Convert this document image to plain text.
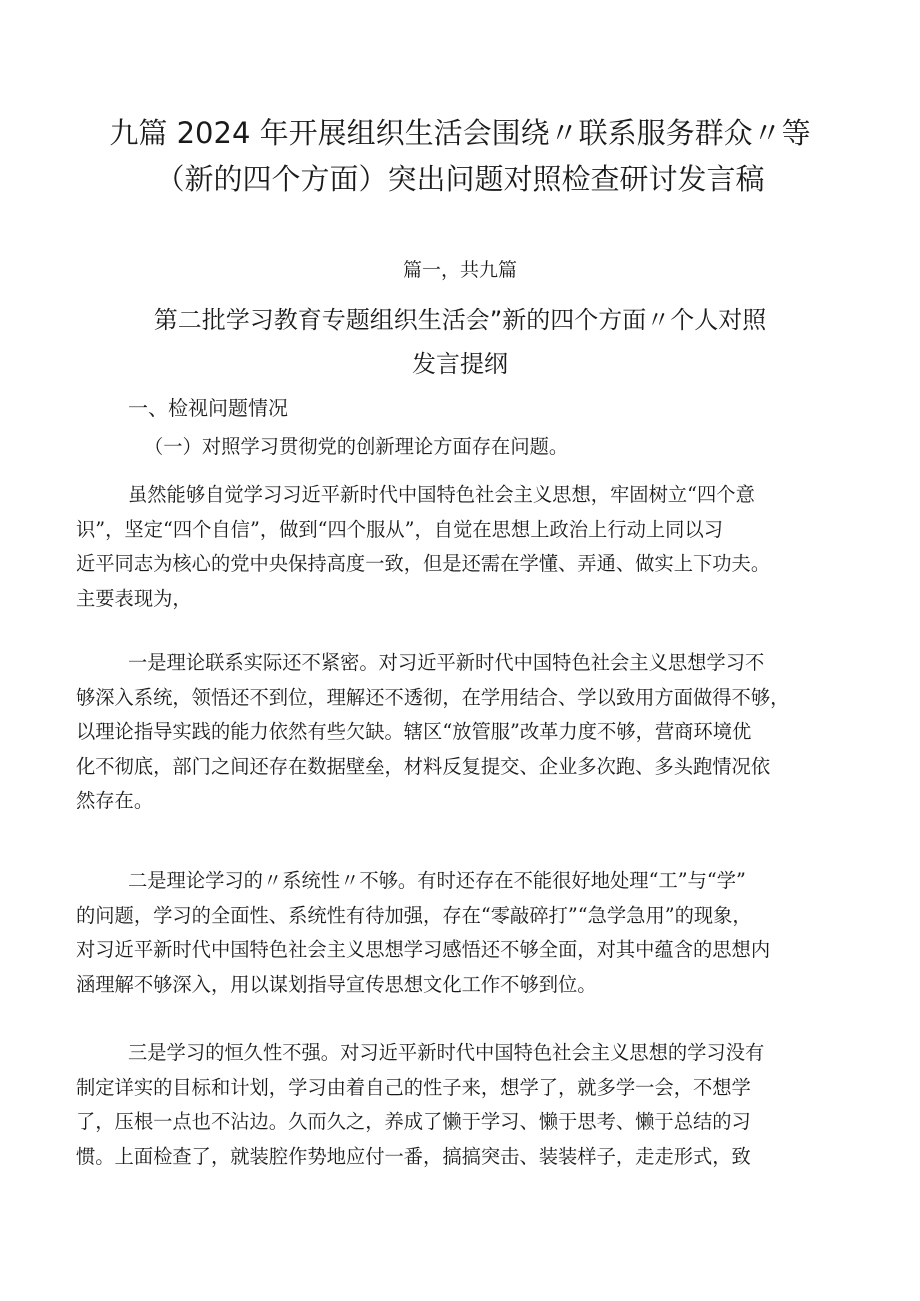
九篇 2024 年开展组织生活会围绕〃联系服务群众〃等
（新的四个方面）突出问题对照检查研讨发言稿

篇一，共九篇

第二批学习教育专题组织生活会”新的四个方面〃个人对照
发言提纲
一、检视问题情况

（一）对照学习贯彻党的创新理论方面存在问题。

虽然能够自觉学习习近平新时代中国特色社会主义思想，牢固树立“四个意
识”，坚定“四个自信”，做到“四个服从”，自觉在思想上政治上行动上同以习
近平同志为核心的党中央保持高度一致，但是还需在学懂、弄通、做实上下功夫。
主要表现为，

一是理论联系实际还不紧密。对习近平新时代中国特色社会主义思想学习不
够深入系统，领悟还不到位，理解还不透彻，在学用结合、学以致用方面做得不够，
以理论指导实践的能力依然有些欠缺。辖区“放管服”改革力度不够，营商环境优
化不彻底，部门之间还存在数据壁垒，材料反复提交、企业多次跑、多头跑情况依
然存在。

二是理论学习的〃系统性〃不够。有时还存在不能很好地处理“工”与“学”
的问题，学习的全面性、系统性有待加强，存在“零敲碎打”“急学急用”的现象，
对习近平新时代中国特色社会主义思想学习感悟还不够全面，对其中蕴含的思想内
涵理解不够深入，用以谋划指导宣传思想文化工作不够到位。

三是学习的恒久性不强。对习近平新时代中国特色社会主义思想的学习没有
制定详实的目标和计划，学习由着自己的性子来，想学了，就多学一会，不想学
了，压根一点也不沾边。久而久之，养成了懒于学习、懒于思考、懒于总结的习
惯。上面检查了，就装腔作势地应付一番，搞搞突击、装装样子，走走形式，致
